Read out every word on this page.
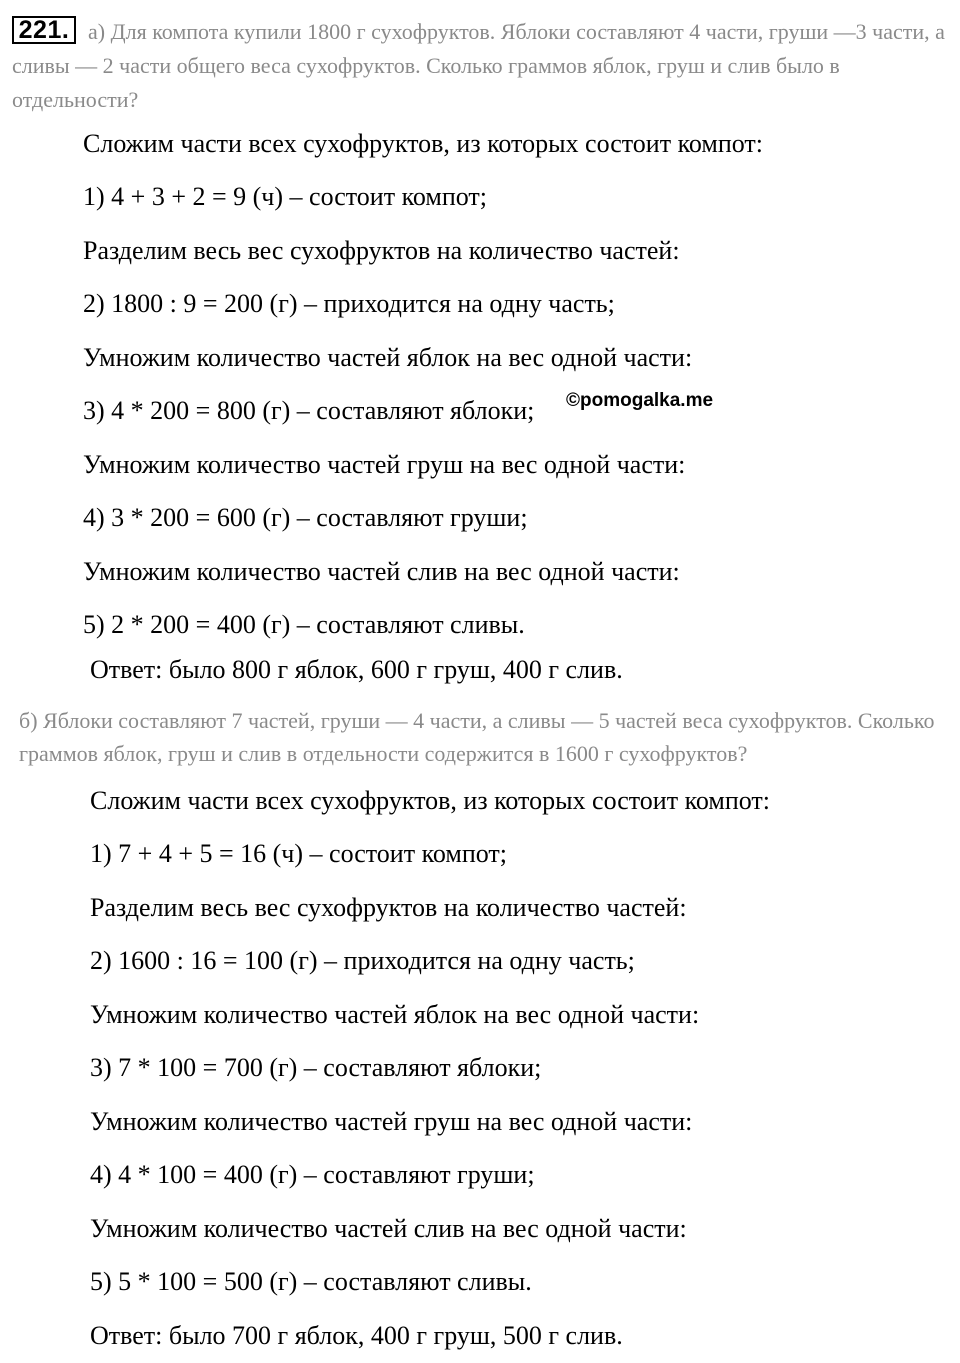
221. а) Для компота купили 1800 г сухофруктов. Яблоки составляют 4 части, груши —3 части, а сливы — 2 части общего веса сухофруктов. Сколько граммов яблок, груш и слив было в отдельности?
Сложим части всех сухофруктов, из которых состоит компот:
1) 4 + 3 + 2 = 9 (ч) – состоит компот;
Разделим весь вес сухофруктов на количество частей:
2) 1800 : 9 = 200 (г) – приходится на одну часть;
Умножим количество частей яблок на вес одной части:
3) 4 * 200 = 800 (г) – составляют яблоки;
Умножим количество частей груш на вес одной части:
4) 3 * 200 = 600 (г) – составляют груши;
Умножим количество частей слив на вес одной части:
5) 2 * 200 = 400 (г) – составляют сливы.
Ответ: было 800 г яблок, 600 г груш, 400 г слив.
©pomogalka.me
б) Яблоки составляют 7 частей, груши — 4 части, а сливы — 5 частей веса сухофруктов. Сколько граммов яблок, груш и слив в отдельности содержится в 1600 г сухофруктов?
Сложим части всех сухофруктов, из которых состоит компот:
1) 7 + 4 + 5 = 16 (ч) – состоит компот;
Разделим весь вес сухофруктов на количество частей:
2) 1600 : 16 = 100 (г) – приходится на одну часть;
Умножим количество частей яблок на вес одной части:
3) 7 * 100 = 700 (г) – составляют яблоки;
Умножим количество частей груш на вес одной части:
4) 4 * 100 = 400 (г) – составляют груши;
Умножим количество частей слив на вес одной части:
5) 5 * 100 = 500 (г) – составляют сливы.
Ответ: было 700 г яблок, 400 г груш, 500 г слив.
